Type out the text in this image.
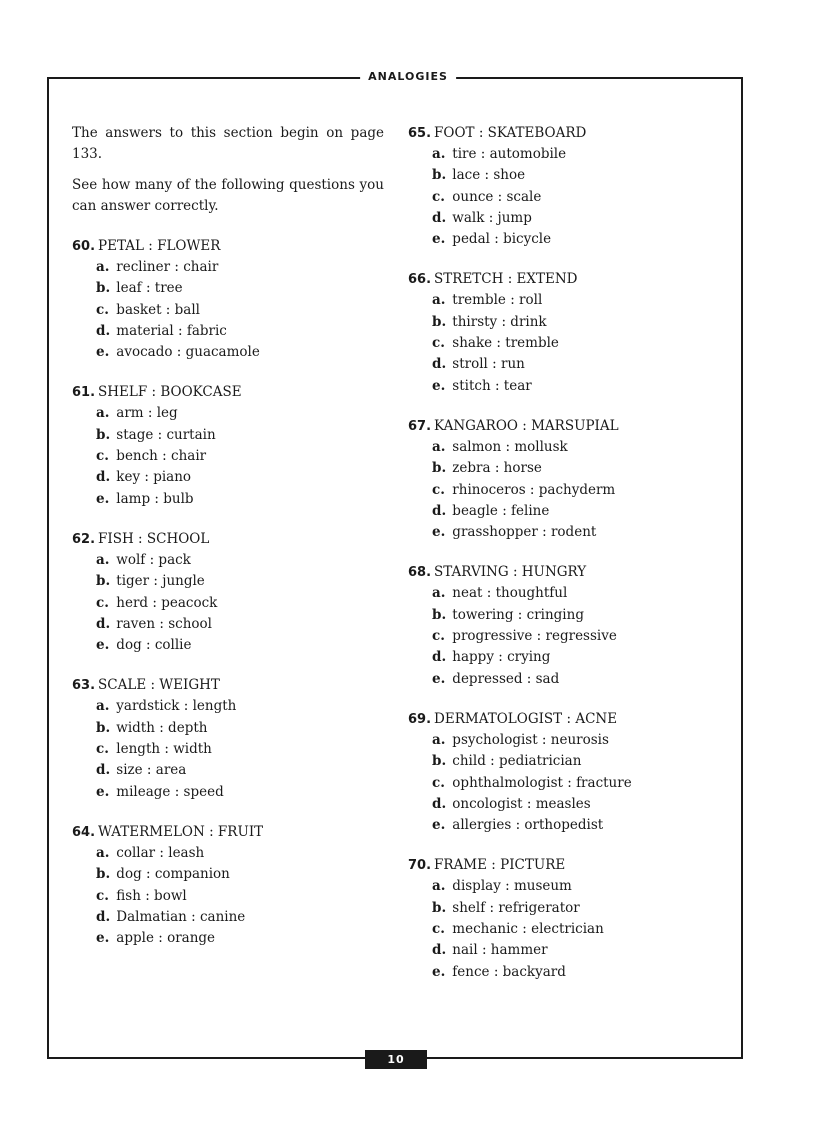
ANALOGIES

The answers to this section begin on page 133.

See how many of the following questions you can answer correctly.

60. PETAL : FLOWER
a. recliner : chair
b. leaf : tree
c. basket : ball
d. material : fabric
e. avocado : guacamole
61. SHELF : BOOKCASE
a. arm : leg
b. stage : curtain
c. bench : chair
d. key : piano
e. lamp : bulb
62. FISH : SCHOOL
a. wolf : pack
b. tiger : jungle
c. herd : peacock
d. raven : school
e. dog : collie
63. SCALE : WEIGHT
a. yardstick : length
b. width : depth
c. length : width
d. size : area
e. mileage : speed
64. WATERMELON : FRUIT
a. collar : leash
b. dog : companion
c. fish : bowl
d. Dalmatian : canine
e. apple : orange
65. FOOT : SKATEBOARD
a. tire : automobile
b. lace : shoe
c. ounce : scale
d. walk : jump
e. pedal : bicycle
66. STRETCH : EXTEND
a. tremble : roll
b. thirsty : drink
c. shake : tremble
d. stroll : run
e. stitch : tear
67. KANGAROO : MARSUPIAL
a. salmon : mollusk
b. zebra : horse
c. rhinoceros : pachyderm
d. beagle : feline
e. grasshopper : rodent
68. STARVING : HUNGRY
a. neat : thoughtful
b. towering : cringing
c. progressive : regressive
d. happy : crying
e. depressed : sad
69. DERMATOLOGIST : ACNE
a. psychologist : neurosis
b. child : pediatrician
c. ophthalmologist : fracture
d. oncologist : measles
e. allergies : orthopedist
70. FRAME : PICTURE
a. display : museum
b. shelf : refrigerator
c. mechanic : electrician
d. nail : hammer
e. fence : backyard
10
